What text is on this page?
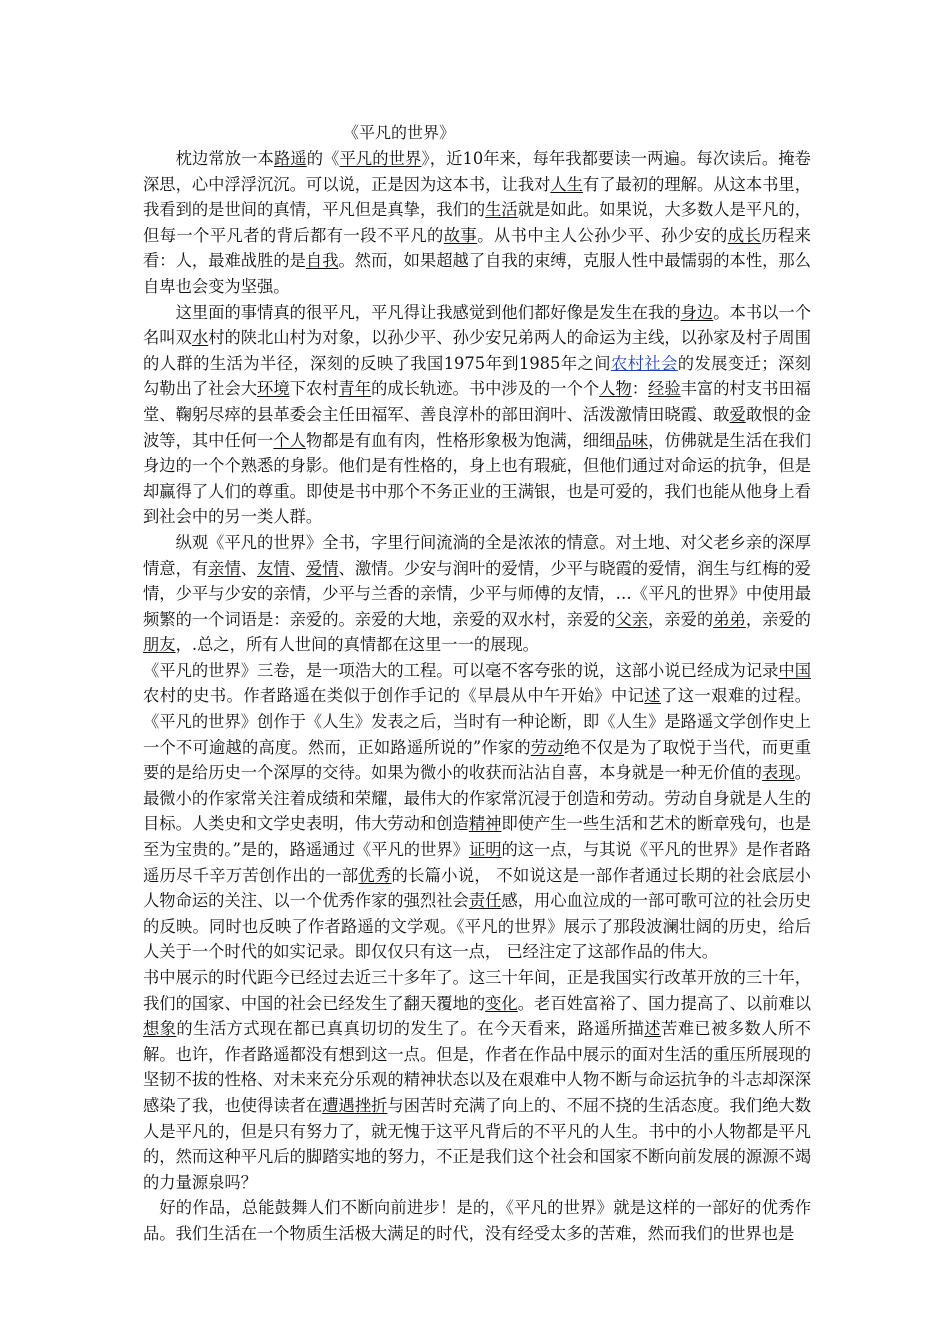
《平凡的世界》

枕边常放一本路遥的《平凡的世界》，近10年来，每年我都要读一两遍。每次读后。掩卷深思，心中浮浮沉沉。可以说，正是因为这本书，让我对人生有了最初的理解。从这本书里，我看到的是世间的真情，平凡但是真挚，我们的生活就是如此。如果说，大多数人是平凡的，但每一个平凡者的背后都有一段不平凡的故事。从书中主人公孙少平、孙少安的成长历程来看：人，最难战胜的是自我。然而，如果超越了自我的束缚，克服人性中最懦弱的本性，那么自卑也会变为坚强。

这里面的事情真的很平凡，平凡得让我感觉到他们都好像是发生在我的身边。本书以一个名叫双水村的陕北山村为对象，以孙少平、孙少安兄弟两人的命运为主线，以孙家及村子周围的人群的生活为半径，深刻的反映了我国1975年到1985年之间农村社会的发展变迁；深刻勾勒出了社会大环境下农村青年的成长轨迹。书中涉及的一个个人物：经验丰富的村支书田福堂、鞠躬尽瘁的县革委会主任田福军、善良淳朴的部田润叶、活泼激情田晓霞、敢爱敢恨的金波等，其中任何一个人物都是有血有肉，性格形象极为饱满，细细品味，仿佛就是生活在我们身边的一个个熟悉的身影。他们是有性格的，身上也有瑕疵，但他们通过对命运的抗争，但是却赢得了人们的尊重。即使是书中那个不务正业的王满银，也是可爱的，我们也能从他身上看到社会中的另一类人群。

纵观《平凡的世界》全书，字里行间流淌的全是浓浓的情意。对土地、对父老乡亲的深厚情意，有亲情、友情、爱情、激情。少安与润叶的爱情，少平与晓霞的爱情，润生与红梅的爱情，少平与少安的亲情，少平与兰香的亲情，少平与师傅的友情，…《平凡的世界》中使用最频繁的一个词语是：亲爱的。亲爱的大地，亲爱的双水村，亲爱的父亲，亲爱的弟弟，亲爱的朋友，.总之，所有人世间的真情都在这里一一的展现。

《平凡的世界》三卷，是一项浩大的工程。可以毫不客夸张的说，这部小说已经成为记录中国农村的史书。作者路遥在类似于创作手记的《早晨从中午开始》中记述了这一艰难的过程。《平凡的世界》创作于《人生》发表之后，当时有一种论断，即《人生》是路遥文学创作史上一个不可逾越的高度。然而，正如路遥所说的”作家的劳动绝不仅是为了取悦于当代，而更重要的是给历史一个深厚的交待。如果为微小的收获而沾沾自喜，本身就是一种无价值的表现。最微小的作家常关注着成绩和荣耀，最伟大的作家常沉浸于创造和劳动。劳动自身就是人生的目标。人类史和文学史表明，伟大劳动和创造精神即使产生一些生活和艺术的断章残句，也是至为宝贵的。”是的，路遥通过《平凡的世界》证明的这一点，与其说《平凡的世界》是作者路遥历尽千辛万苦创作出的一部优秀的长篇小说， 不如说这是一部作者通过长期的社会底层小人物命运的关注、以一个优秀作家的强烈社会责任感，用心血泣成的一部可歌可泣的社会历史的反映。同时也反映了作者路遥的文学观。《平凡的世界》展示了那段波澜壮阔的历史，给后人关于一个时代的如实记录。即仅仅只有这一点， 已经注定了这部作品的伟大。

书中展示的时代距今已经过去近三十多年了。这三十年间，正是我国实行改革开放的三十年，我们的国家、中国的社会已经发生了翻天覆地的变化。老百姓富裕了、国力提高了、以前难以想象的生活方式现在都已真真切切的发生了。在今天看来，路遥所描述苦难已被多数人所不解。也许，作者路遥都没有想到这一点。但是，作者在作品中展示的面对生活的重压所展现的坚韧不拔的性格、对未来充分乐观的精神状态以及在艰难中人物不断与命运抗争的斗志却深深感染了我，也使得读者在遭遇挫折与困苦时充满了向上的、不屈不挠的生活态度。我们绝大数人是平凡的，但是只有努力了，就无愧于这平凡背后的不平凡的人生。书中的小人物都是平凡的，然而这种平凡后的脚踏实地的努力，不正是我们这个社会和国家不断向前发展的源源不竭的力量源泉吗？

好的作品，总能鼓舞人们不断向前进步！是的，《平凡的世界》就是这样的一部好的优秀作品。我们生活在一个物质生活极大满足的时代，没有经受太多的苦难，然而我们的世界也是
